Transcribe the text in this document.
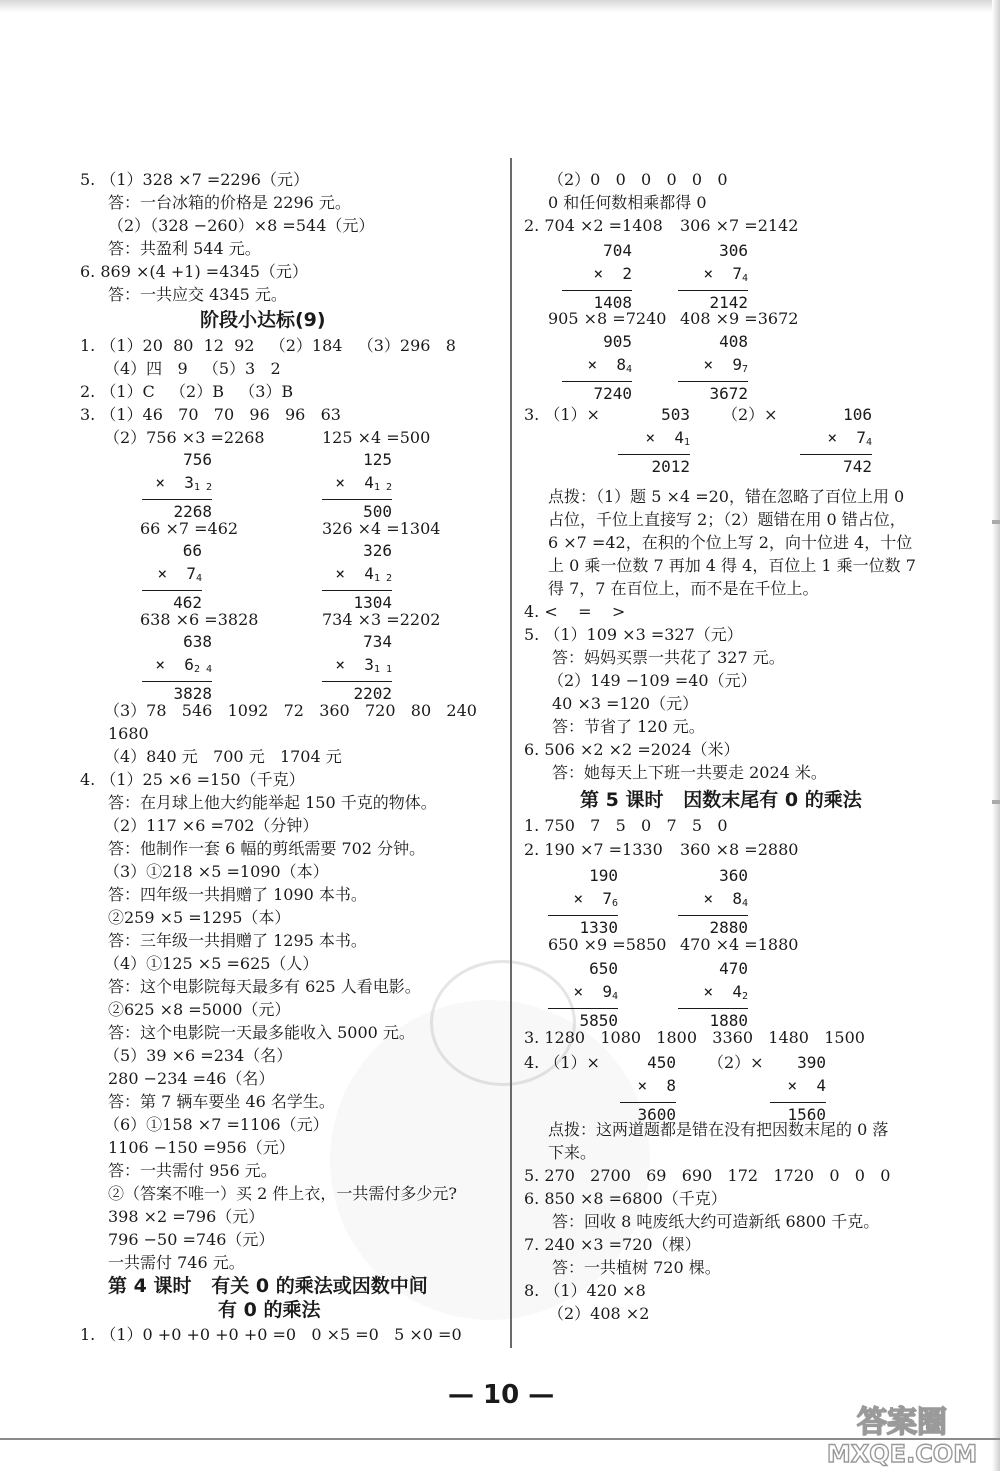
5. （1）328 ×7 =2296（元）
答：一台冰箱的价格是 2296 元。
（2）（328 −260）×8 =544（元）
答：共盈利 544 元。
6. 869 ×(4 +1) =4345（元）
答：一共应交 4345 元。
阶段小达标(9)
1. （1）20  80  12  92   （2）184   （3）296   8
（4）四   9   （5）3   2
2. （1）C   （2）B   （3）B
3. （1）46   70   70   96   96   63
（2）756 ×3 =2268	125 ×4 =500
756
×  $3_{1 2}$
2268
125
×  $4_{1 2}$
500
66 ×7 =462	326 ×4 =1304
66
×  $7_4$
462
326
×  $4_{1 2}$
1304
638 ×6 =3828	734 ×3 =2202
638
×  $6_{2 4}$
3828
734
×  $3_{1 1}$
2202
（3）78   546   1092   72   360   720   80   240
1680
（4）840 元   700 元   1704 元
4. （1）25 ×6 =150（千克）
答：在月球上他大约能举起 150 千克的物体。
（2）117 ×6 =702（分钟）
答：他制作一套 6 幅的剪纸需要 702 分钟。
（3）①218 ×5 =1090（本）
答：四年级一共捐赠了 1090 本书。
②259 ×5 =1295（本）
答：三年级一共捐赠了 1295 本书。
（4）①125 ×5 =625（人）
答：这个电影院每天最多有 625 人看电影。
②625 ×8 =5000（元）
答：这个电影院一天最多能收入 5000 元。
（5）39 ×6 =234（名）
280 −234 =46（名）
答：第 7 辆车要坐 46 名学生。
（6）①158 ×7 =1106（元）
1106 −150 =956（元）
答：一共需付 956 元。
②（答案不唯一）买 2 件上衣，一共需付多少元?
398 ×2 =796（元）
796 −50 =746（元）
一共需付 746 元。
第 4 课时   有关 0 的乘法或因数中间
有 0 的乘法
1. （1）0 +0 +0 +0 +0 =0   0 ×5 =0   5 ×0 =0
（2）0   0   0   0   0   0
0 和任何数相乘都得 0
2. 704 ×2 =1408 306 ×7 =2142
704
×  2
1408
306
×  $7_4$
2142
905 ×8 =7240 408 ×9 =3672
905
×  $8_4$
7240
408
×  $9_7$
3672
3. （1）×	（2）×
503
×  $4_1$
2012
106
×  $7_4$
742
点拨：（1）题 5 ×4 =20，错在忽略了百位上用 0
占位，千位上直接写 2；（2）题错在用 0 错占位，
6 ×7 =42，在积的个位上写 2，向十位进 4，十位
上 0 乘一位数 7 再加 4 得 4，百位上 1 乘一位数 7
得 7，7 在百位上，而不是在千位上。
4. <    =    >
5. （1）109 ×3 =327（元）
答：妈妈买票一共花了 327 元。
（2）149 −109 =40（元）
40 ×3 =120（元）
答：节省了 120 元。
6. 506 ×2 ×2 =2024（米）
答：她每天上下班一共要走 2024 米。
第 5 课时   因数末尾有 0 的乘法
1. 750   7   5   0   7   5   0
2. 190 ×7 =1330 360 ×8 =2880
190
×  $7_6$
1330
360
×  $8_4$
2880
650 ×9 =5850 470 ×4 =1880
650
×  $9_4$
5850
470
×  $4_2$
1880
3. 1280   1080   1800   3360   1480   1500
4. （1）×	（2）×
450
×  8
3600
390
×  4
1560
点拨：这两道题都是错在没有把因数末尾的 0 落
下来。
5. 270   2700   69   690   172   1720   0   0   0
6. 850 ×8 =6800（千克）
答：回收 8 吨废纸大约可造新纸 6800 千克。
7. 240 ×3 =720（棵）
答：一共植树 720 棵。
8. （1）420 ×8
（2）408 ×2
— 10 —
答案圈
MXQE.COM
